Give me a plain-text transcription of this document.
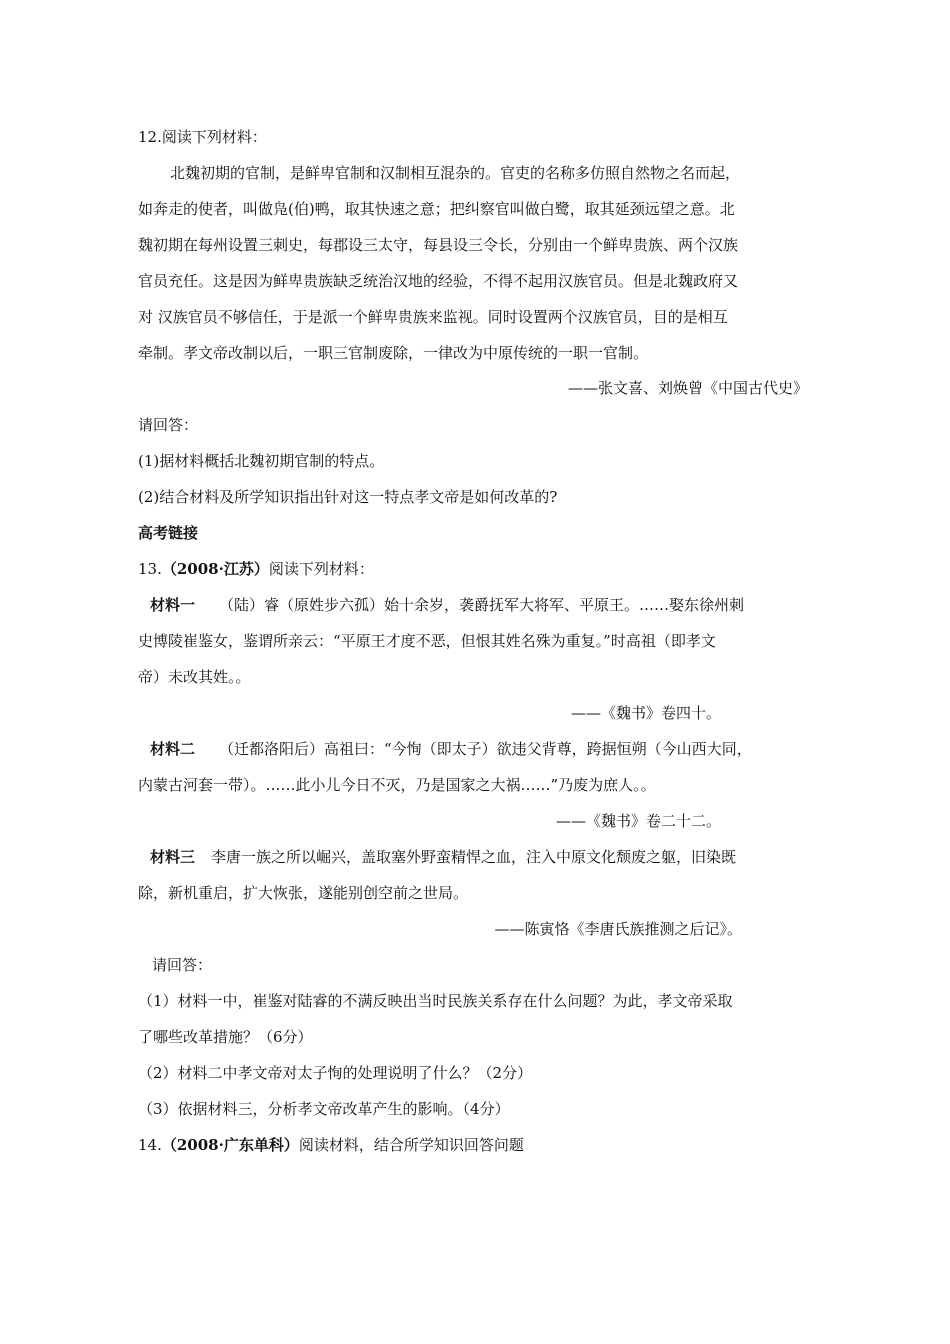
12.阅读下列材料：
北魏初期的官制，是鲜卑官制和汉制相互混杂的。官吏的名称多仿照自然物之名而起，
如奔走的使者，叫做凫(伯)鸭，取其快速之意；把纠察官叫做白鹭，取其延颈远望之意。北
魏初期在每州设置三刺史，每郡设三太守，每县设三令长，分别由一个鲜卑贵族、两个汉族
官员充任。这是因为鲜卑贵族缺乏统治汉地的经验，不得不起用汉族官员。但是北魏政府又
对 汉族官员不够信任，于是派一个鲜卑贵族来监视。同时设置两个汉族官员，目的是相互
牵制。孝文帝改制以后，一职三官制废除，一律改为中原传统的一职一官制。
——张文喜、刘焕曾《中国古代史》
请回答：
(1)据材料概括北魏初期官制的特点。
(2)结合材料及所学知识指出针对这一特点孝文帝是如何改革的?
高考链接
13.（2008·江苏）阅读下列材料：
材料一 （陆）睿（原姓步六孤）始十余岁，袭爵抚军大将军、平原王。……娶东徐州刺
史博陵崔鉴女，鉴谓所亲云：“平原王才度不恶，但恨其姓名殊为重复。”时高祖（即孝文
帝）未改其姓。。
——《魏书》卷四十。
材料二 （迁都洛阳后）高祖曰：“今恂（即太子）欲违父背尊，跨据恒朔（今山西大同，
内蒙古河套一带）。……此小儿今日不灭，乃是国家之大祸……”乃废为庶人。。
——《魏书》卷二十二。
材料三 李唐一族之所以崛兴，盖取塞外野蛮精悍之血，注入中原文化颓废之躯，旧染既
除，新机重启，扩大恢张，遂能别创空前之世局。
——陈寅恪《李唐氏族推测之后记》。
请回答：
（1）材料一中，崔鉴对陆睿的不满反映出当时民族关系存在什么问题？为此，孝文帝采取
了哪些改革措施？（6分）
（2）材料二中孝文帝对太子恂的处理说明了什么？（2分）
（3）依据材料三，分析孝文帝改革产生的影响。（4分）
14.（2008·广东单科）阅读材料，结合所学知识回答问题
